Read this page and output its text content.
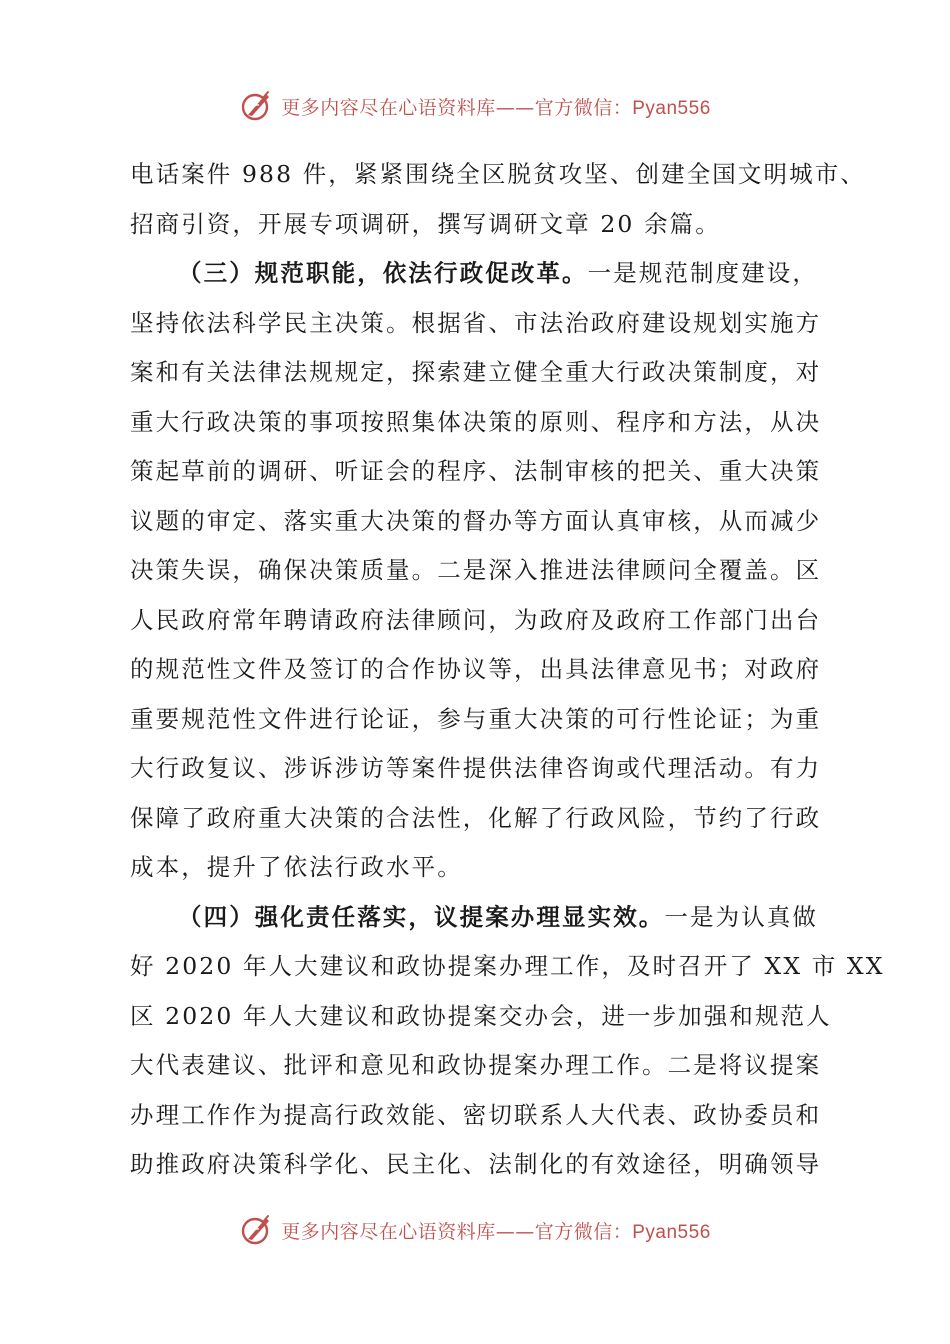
更多内容尽在心语资料库——官方微信：Pyan556
电话案件 988 件，紧紧围绕全区脱贫攻坚、创建全国文明城市、
招商引资，开展专项调研，撰写调研文章 20 余篇。
（三）规范职能，依法行政促改革。一是规范制度建设，
坚持依法科学民主决策。根据省、市法治政府建设规划实施方
案和有关法律法规规定，探索建立健全重大行政决策制度，对
重大行政决策的事项按照集体决策的原则、程序和方法，从决
策起草前的调研、听证会的程序、法制审核的把关、重大决策
议题的审定、落实重大决策的督办等方面认真审核，从而减少
决策失误，确保决策质量。二是深入推进法律顾问全覆盖。区
人民政府常年聘请政府法律顾问，为政府及政府工作部门出台
的规范性文件及签订的合作协议等，出具法律意见书；对政府
重要规范性文件进行论证，参与重大决策的可行性论证；为重
大行政复议、涉诉涉访等案件提供法律咨询或代理活动。有力
保障了政府重大决策的合法性，化解了行政风险，节约了行政
成本，提升了依法行政水平。
（四）强化责任落实，议提案办理显实效。一是为认真做
好 2020 年人大建议和政协提案办理工作，及时召开了 XX 市 XX
区 2020 年人大建议和政协提案交办会，进一步加强和规范人
大代表建议、批评和意见和政协提案办理工作。二是将议提案
办理工作作为提高行政效能、密切联系人大代表、政协委员和
助推政府决策科学化、民主化、法制化的有效途径，明确领导
更多内容尽在心语资料库——官方微信：Pyan556
